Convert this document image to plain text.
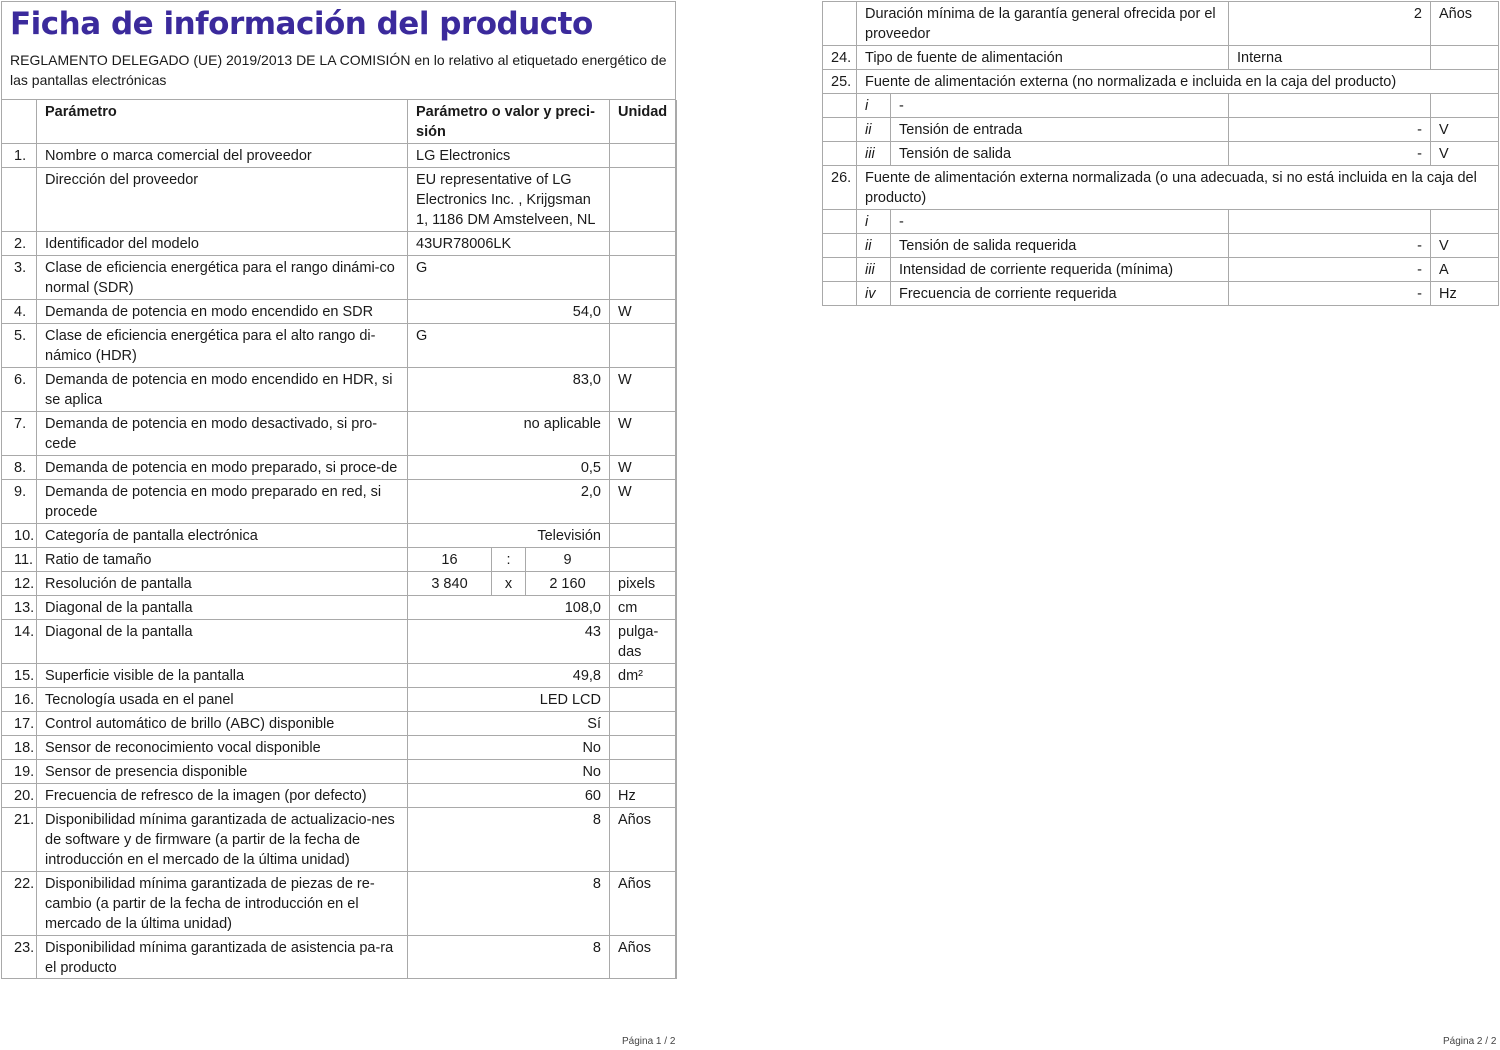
Ficha de información del producto
REGLAMENTO DELEGADO (UE) 2019/2013 DE LA COMISIÓN en lo relativo al etiquetado energético de las pantallas electrónicas
	Parámetro	Parámetro o valor y preci-sión			Unidad
1.	Nombre o marca comercial del proveedor	LG Electronics			
	Dirección del proveedor	EU representative of LG Electronics Inc. , Krijgsman 1, 1186 DM Amstelveen, NL			
2.	Identificador del modelo	43UR78006LK			
3.	Clase de eficiencia energética para el rango dinámi-co normal (SDR)	G			
4.	Demanda de potencia en modo encendido en SDR	54,0			W
5.	Clase de eficiencia energética para el alto rango di-námico (HDR)	G			
6.	Demanda de potencia en modo encendido en HDR, si se aplica	83,0			W
7.	Demanda de potencia en modo desactivado, si pro-cede	no aplicable			W
8.	Demanda de potencia en modo preparado, si proce-de	0,5			W
9.	Demanda de potencia en modo preparado en red, si procede	2,0			W
10.	Categoría de pantalla electrónica	Televisión			
11.	Ratio de tamaño	16	:	9	
12.	Resolución de pantalla	3 840	x	2 160	pixels
13.	Diagonal de la pantalla	108,0			cm
14.	Diagonal de la pantalla	43			pulga-das
15.	Superficie visible de la pantalla	49,8			dm²
16.	Tecnología usada en el panel	LED LCD			
17.	Control automático de brillo (ABC) disponible	Sí			
18.	Sensor de reconocimiento vocal disponible	No			
19.	Sensor de presencia disponible	No			
20.	Frecuencia de refresco de la imagen (por defecto)	60			Hz
21.	Disponibilidad mínima garantizada de actualizacio-nes de software y de firmware (a partir de la fecha de introducción en el mercado de la última unidad)	8			Años
22.	Disponibilidad mínima garantizada de piezas de re-cambio (a partir de la fecha de introducción en el mercado de la última unidad)	8			Años
23.	Disponibilidad mínima garantizada de asistencia pa-ra el producto	8			Años
Página 1 / 2
	Duración mínima de la garantía general ofrecida por el proveedor		2	Años
24.	Tipo de fuente de alimentación		Interna	
25.	Fuente de alimentación externa (no normalizada e incluida en la caja del producto)			
	i	-		
	ii	Tensión de entrada	-	V
	iii	Tensión de salida	-	V
26.	Fuente de alimentación externa normalizada (o una adecuada, si no está incluida en la caja del producto)			
	i	-		
	ii	Tensión de salida requerida	-	V
	iii	Intensidad de corriente requerida (mínima)	-	A
	iv	Frecuencia de corriente requerida	-	Hz
Página 2 / 2
